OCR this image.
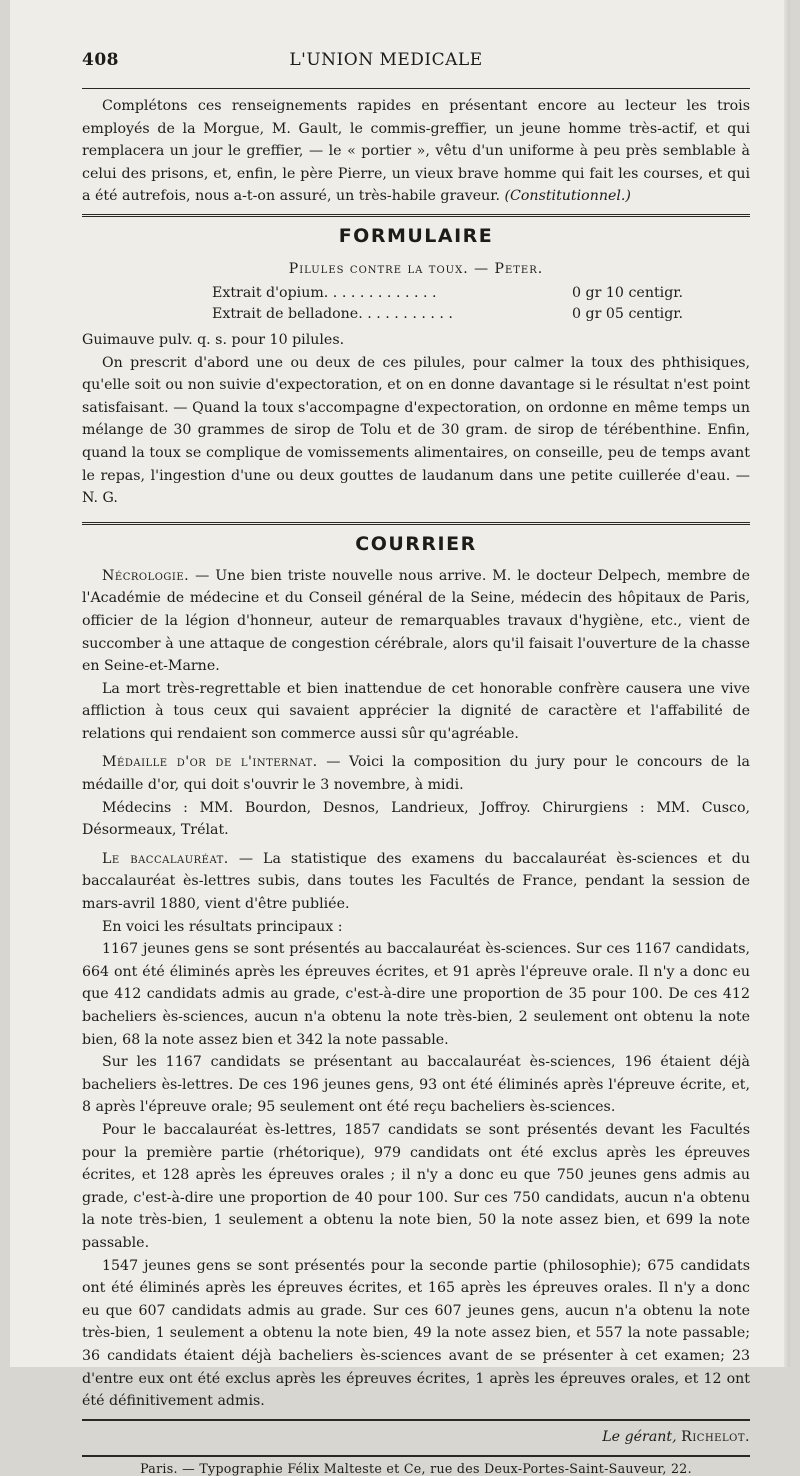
408	L'UNION MEDICALE

Complétons ces renseignements rapides en présentant encore au lecteur les trois employés de la Morgue, M. Gault, le commis-greffier, un jeune homme très-actif, et qui remplacera un jour le greffier, — le « portier », vêtu d'un uniforme à peu près semblable à celui des prisons, et, enfin, le père Pierre, un vieux brave homme qui fait les courses, et qui a été autrefois, nous a-t-on assuré, un très-habile graveur. (Constitutionnel.)

FORMULAIRE
Pilules contre la toux. — Peter.
Extrait d'opium. . . . . . . . . . . . .	0 gr 10 centigr.
Extrait de belladone. . . . . . . . . . .	0 gr 05 centigr.

Guimauve pulv. q. s. pour 10 pilules.

On prescrit d'abord une ou deux de ces pilules, pour calmer la toux des phthisiques, qu'elle soit ou non suivie d'expectoration, et on en donne davantage si le résultat n'est point satisfaisant. — Quand la toux s'accompagne d'expectoration, on ordonne en même temps un mélange de 30 grammes de sirop de Tolu et de 30 gram. de sirop de térébenthine. Enfin, quand la toux se complique de vomissements alimentaires, on conseille, peu de temps avant le repas, l'ingestion d'une ou deux gouttes de laudanum dans une petite cuillerée d'eau. — N. G.

COURRIER

Nécrologie. — Une bien triste nouvelle nous arrive. M. le docteur Delpech, membre de l'Académie de médecine et du Conseil général de la Seine, médecin des hôpitaux de Paris, officier de la légion d'honneur, auteur de remarquables travaux d'hygiène, etc., vient de succomber à une attaque de congestion cérébrale, alors qu'il faisait l'ouverture de la chasse en Seine-et-Marne.

La mort très-regrettable et bien inattendue de cet honorable confrère causera une vive affliction à tous ceux qui savaient apprécier la dignité de caractère et l'affabilité de relations qui rendaient son commerce aussi sûr qu'agréable.

Médaille d'or de l'internat. — Voici la composition du jury pour le concours de la médaille d'or, qui doit s'ouvrir le 3 novembre, à midi.

Médecins : MM. Bourdon, Desnos, Landrieux, Joffroy. Chirurgiens : MM. Cusco, Désormeaux, Trélat.

Le baccalauréat. — La statistique des examens du baccalauréat ès-sciences et du baccalauréat ès-lettres subis, dans toutes les Facultés de France, pendant la session de mars-avril 1880, vient d'être publiée.

En voici les résultats principaux :

1167 jeunes gens se sont présentés au baccalauréat ès-sciences. Sur ces 1167 candidats, 664 ont été éliminés après les épreuves écrites, et 91 après l'épreuve orale. Il n'y a donc eu que 412 candidats admis au grade, c'est-à-dire une proportion de 35 pour 100. De ces 412 bacheliers ès-sciences, aucun n'a obtenu la note très-bien, 2 seulement ont obtenu la note bien, 68 la note assez bien et 342 la note passable.

Sur les 1167 candidats se présentant au baccalauréat ès-sciences, 196 étaient déjà bacheliers ès-lettres. De ces 196 jeunes gens, 93 ont été éliminés après l'épreuve écrite, et, 8 après l'épreuve orale; 95 seulement ont été reçu bacheliers ès-sciences.

Pour le baccalauréat ès-lettres, 1857 candidats se sont présentés devant les Facultés pour la première partie (rhétorique), 979 candidats ont été exclus après les épreuves écrites, et 128 après les épreuves orales ; il n'y a donc eu que 750 jeunes gens admis au grade, c'est-à-dire une proportion de 40 pour 100. Sur ces 750 candidats, aucun n'a obtenu la note très-bien, 1 seulement a obtenu la note bien, 50 la note assez bien, et 699 la note passable.

1547 jeunes gens se sont présentés pour la seconde partie (philosophie); 675 candidats ont été éliminés après les épreuves écrites, et 165 après les épreuves orales. Il n'y a donc eu que 607 candidats admis au grade. Sur ces 607 jeunes gens, aucun n'a obtenu la note très-bien, 1 seulement a obtenu la note bien, 49 la note assez bien, et 557 la note passable; 36 candidats étaient déjà bacheliers ès-sciences avant de se présenter à cet examen; 23 d'entre eux ont été exclus après les épreuves écrites, 1 après les épreuves orales, et 12 ont été définitivement admis.

Le gérant, Richelot.
Paris. — Typographie Félix Malteste et Ce, rue des Deux-Portes-Saint-Sauveur, 22.
